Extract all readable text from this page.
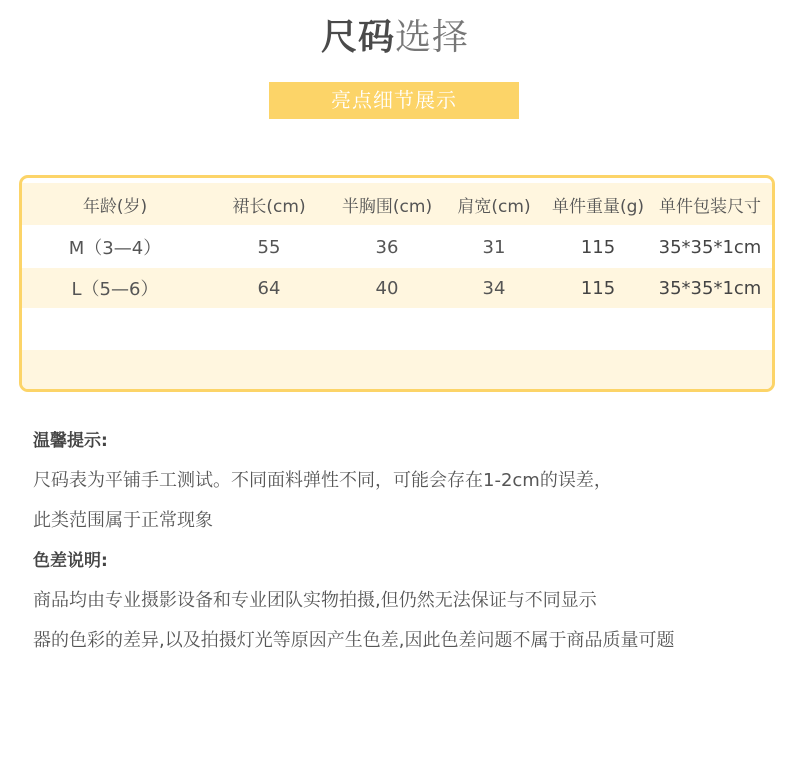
尺码选择
亮点细节展示
年龄(岁)	裙长(cm)	半胸围(cm)	肩宽(cm)	单件重量(g) 单件包装尺寸
M（3—4）	55	36	31	115	35*35*1cm
L（5—6）	64	40	34	115	35*35*1cm
温馨提示:
尺码表为平铺手工测试。不同面料弹性不同，可能会存在1-2cm的误差，
此类范围属于正常现象
色差说明:
商品均由专业摄影设备和专业团队实物拍摄,但仍然无法保证与不同显示
器的色彩的差异,以及拍摄灯光等原因产生色差,因此色差问题不属于商品质量可题
